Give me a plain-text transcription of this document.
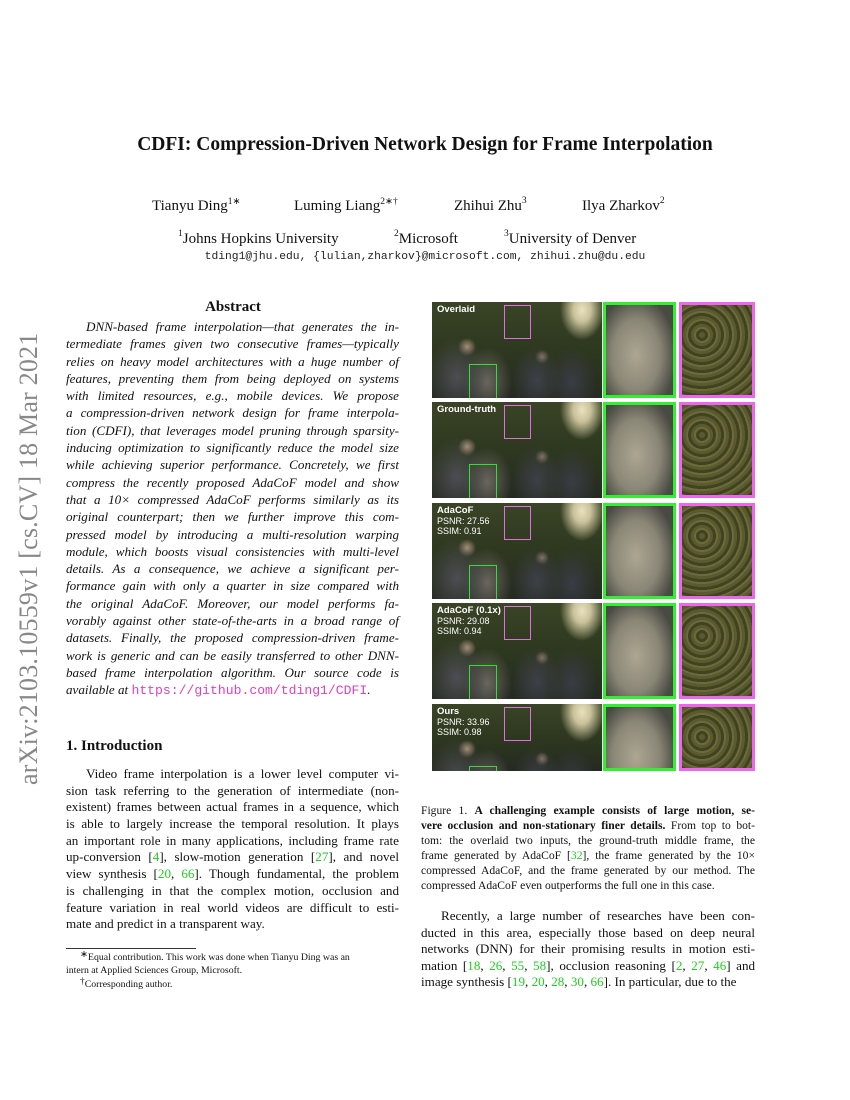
arXiv:2103.10559v1 [cs.CV] 18 Mar 2021
CDFI: Compression-Driven Network Design for Frame Interpolation
Tianyu Ding$^{1∗}$	Luming Liang$^{2∗\dagger}$	Zhihui Zhu$^3$	Ilya Zharkov$^2$
$^1$Johns Hopkins University	$^2$Microsoft	$^3$University of Denver
tding1@jhu.edu, {lulian,zharkov}@microsoft.com, zhihui.zhu@du.edu
Abstract
DNN-based frame interpolation—that generates the in-
termediate frames given two consecutive frames—typically
relies on heavy model architectures with a huge number of
features, preventing them from being deployed on systems
with limited resources, e.g., mobile devices. We propose
a compression-driven network design for frame interpola-
tion (CDFI), that leverages model pruning through sparsity-
inducing optimization to significantly reduce the model size
while achieving superior performance. Concretely, we first
compress the recently proposed AdaCoF model and show
that a 10× compressed AdaCoF performs similarly as its
original counterpart; then we further improve this com-
pressed model by introducing a multi-resolution warping
module, which boosts visual consistencies with multi-level
details. As a consequence, we achieve a significant per-
formance gain with only a quarter in size compared with
the original AdaCoF. Moreover, our model performs fa-
vorably against other state-of-the-arts in a broad range of
datasets. Finally, the proposed compression-driven frame-
work is generic and can be easily transferred to other DNN-
based frame interpolation algorithm. Our source code is
available at https://github.com/tding1/CDFI.
1. Introduction
Video frame interpolation is a lower level computer vi-
sion task referring to the generation of intermediate (non-
existent) frames between actual frames in a sequence, which
is able to largely increase the temporal resolution. It plays
an important role in many applications, including frame rate
up-conversion [4], slow-motion generation [27], and novel
view synthesis [20, 66]. Though fundamental, the problem
is challenging in that the complex motion, occlusion and
feature variation in real world videos are difficult to esti-
mate and predict in a transparent way.
∗Equal contribution. This work was done when Tianyu Ding was an
intern at Applied Sciences Group, Microsoft.
†Corresponding author.
Overlaid
Ground-truth
AdaCoF
PSNR: 27.56
SSIM: 0.91
AdaCoF (0.1x)
PSNR: 29.08
SSIM: 0.94
Ours
PSNR: 33.96
SSIM: 0.98
Figure 1. A challenging example consists of large motion, se-
vere occlusion and non-stationary finer details. From top to bot-
tom: the overlaid two inputs, the ground-truth middle frame, the
frame generated by AdaCoF [32], the frame generated by the 10×
compressed AdaCoF, and the frame generated by our method. The
compressed AdaCoF even outperforms the full one in this case.
Recently, a large number of researches have been con-
ducted in this area, especially those based on deep neural
networks (DNN) for their promising results in motion esti-
mation [18, 26, 55, 58], occlusion reasoning [2, 27, 46] and
image synthesis [19, 20, 28, 30, 66]. In particular, due to the
